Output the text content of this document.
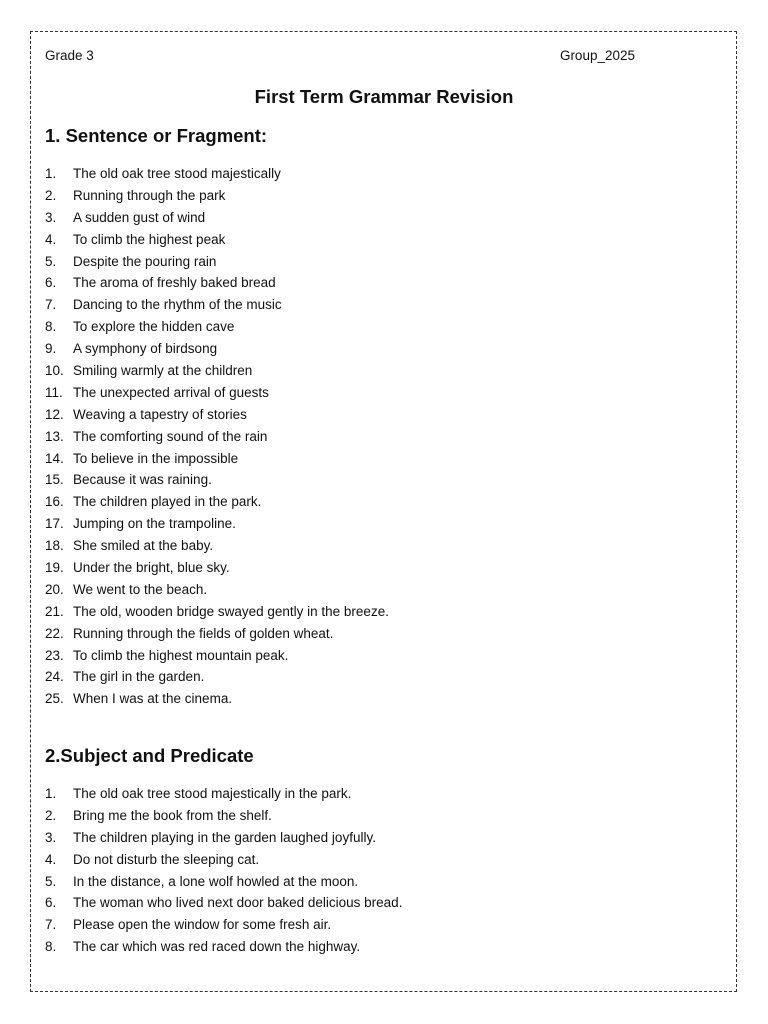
Grade 3	Group_2025
First Term Grammar Revision
1. Sentence or Fragment:
1. The old oak tree stood majestically
2. Running through the park
3. A sudden gust of wind
4. To climb the highest peak
5. Despite the pouring rain
6. The aroma of freshly baked bread
7. Dancing to the rhythm of the music
8. To explore the hidden cave
9. A symphony of birdsong
10. Smiling warmly at the children
11. The unexpected arrival of guests
12. Weaving a tapestry of stories
13. The comforting sound of the rain
14. To believe in the impossible
15. Because it was raining.
16. The children played in the park.
17. Jumping on the trampoline.
18. She smiled at the baby.
19. Under the bright, blue sky.
20. We went to the beach.
21. The old, wooden bridge swayed gently in the breeze.
22. Running through the fields of golden wheat.
23. To climb the highest mountain peak.
24. The girl in the garden.
25. When I was at the cinema.
2.Subject and Predicate
1. The old oak tree stood majestically in the park.
2. Bring me the book from the shelf.
3. The children playing in the garden laughed joyfully.
4. Do not disturb the sleeping cat.
5. In the distance, a lone wolf howled at the moon.
6. The woman who lived next door baked delicious bread.
7. Please open the window for some fresh air.
8. The car which was red raced down the highway.
